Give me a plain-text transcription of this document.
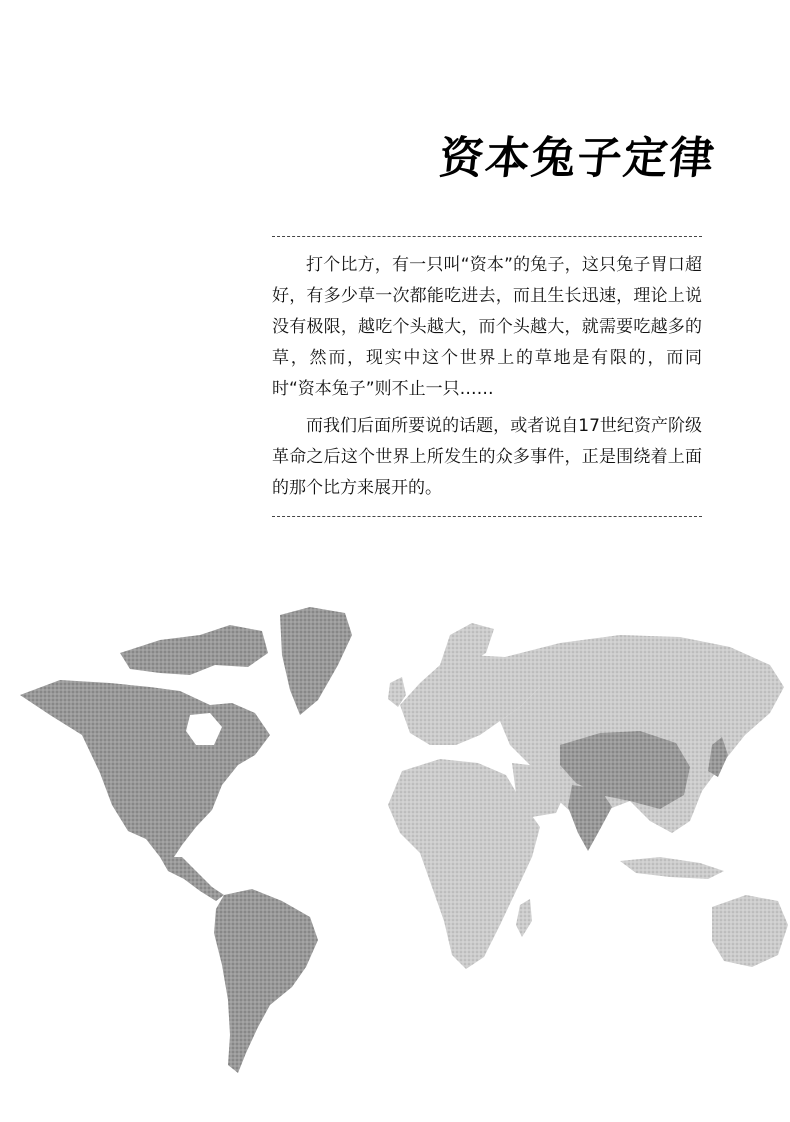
资本兔子定律

打个比方，有一只叫“资本”的兔子，这只兔子胃口超好，有多少草一次都能吃进去，而且生长迅速，理论上说没有极限，越吃个头越大，而个头越大，就需要吃越多的草，然而，现实中这个世界上的草地是有限的，而同时“资本兔子”则不止一只……

而我们后面所要说的话题，或者说自17世纪资产阶级革命之后这个世界上所发生的众多事件，正是围绕着上面的那个比方来展开的。
